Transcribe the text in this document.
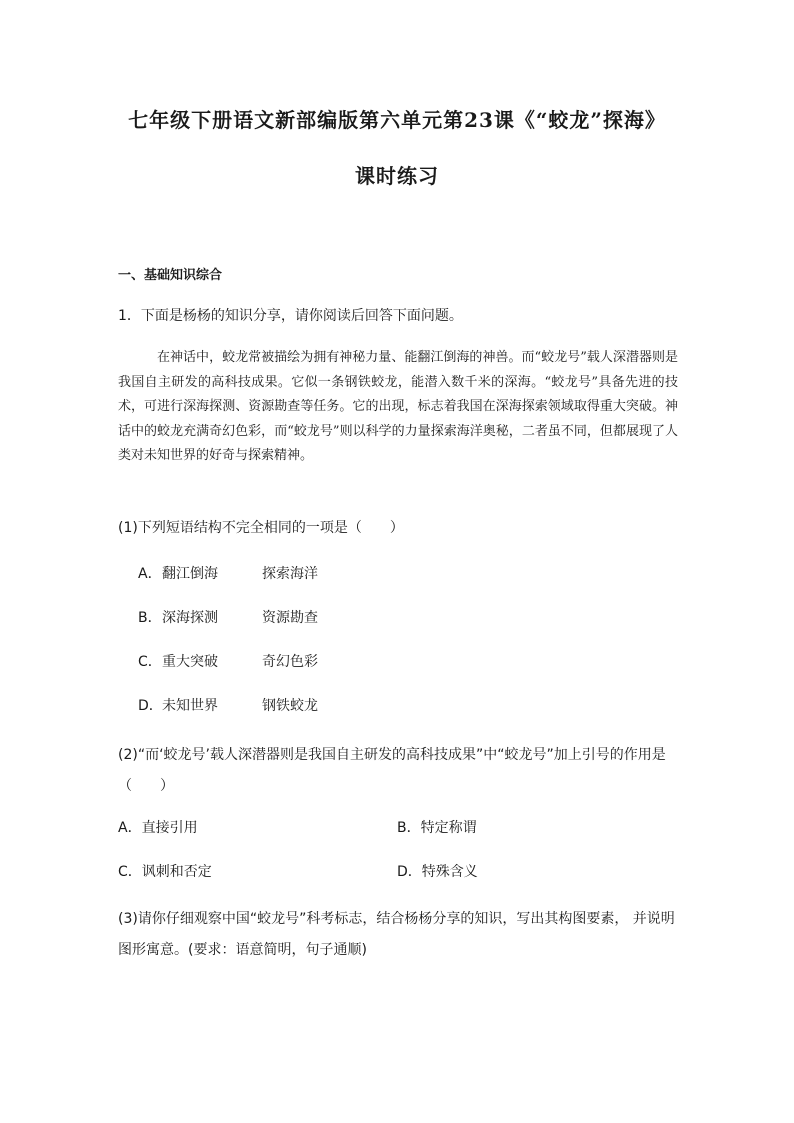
七年级下册语文新部编版第六单元第23课《“蛟龙”探海》
课时练习

一、基础知识综合

1．下面是杨杨的知识分享，请你阅读后回答下面问题。

在神话中，蛟龙常被描绘为拥有神秘力量、能翻江倒海的神兽。而“蛟龙号”载人深潜器则是我国自主研发的高科技成果。它似一条钢铁蛟龙，能潜入数千米的深海。“蛟龙号”具备先进的技术，可进行深海探测、资源勘查等任务。它的出现，标志着我国在深海探索领域取得重大突破。神话中的蛟龙充满奇幻色彩，而“蛟龙号”则以科学的力量探索海洋奥秘，二者虽不同，但都展现了人类对未知世界的好奇与探索精神。

(1)下列短语结构不完全相同的一项是（　　）

A．翻江倒海	探索海洋
B．深海探测	资源勘查
C．重大突破	奇幻色彩
D．未知世界	钢铁蛟龙

(2)“而‘蛟龙号’载人深潜器则是我国自主研发的高科技成果”中“蛟龙号”加上引号的作用是（　　）

A．直接引用	B．特定称谓
C．讽刺和否定	D．特殊含义

(3)请你仔细观察中国“蛟龙号”科考标志，结合杨杨分享的知识，写出其构图要素， 并说明图形寓意。(要求：语意简明，句子通顺)
